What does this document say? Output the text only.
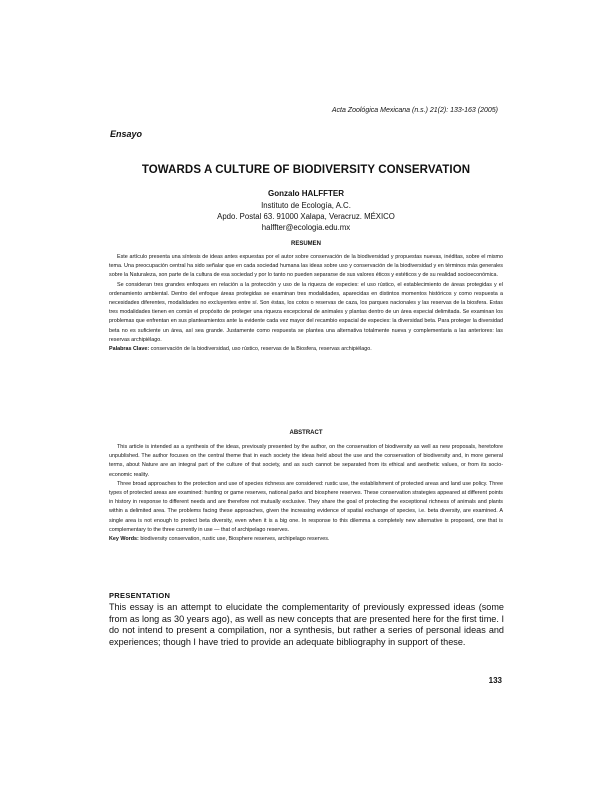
Acta Zoológica Mexicana (n.s.) 21(2): 133-163 (2005)
Ensayo
TOWARDS A CULTURE OF BIODIVERSITY CONSERVATION
Gonzalo HALFFTER
Instituto de Ecología, A.C.
Apdo. Postal 63. 91000 Xalapa, Veracruz. MÉXICO
halffter@ecologia.edu.mx
RESUMEN

Este artículo presenta una síntesis de ideas antes expuestas por el autor sobre conservación de la biodiversidad y propuestas nuevas, inéditas, sobre el mismo tema. Una preocupación central ha sido señalar que en cada sociedad humana las ideas sobre uso y conservación de la biodiversidad y en términos más generales sobre la Naturaleza, son parte de la cultura de esa sociedad y por lo tanto no pueden separarse de sus valores éticos y estéticos y de su realidad socioeconómica.

Se consideran tres grandes enfoques en relación a la protección y uso de la riqueza de especies: el uso rústico, el establecimiento de áreas protegidas y el ordenamiento ambiental. Dentro del enfoque áreas protegidas se examinan tres modalidades, aparecidas en distintos momentos históricos y como respuesta a necesidades diferentes, modalidades no excluyentes entre sí. Son éstas, los cotos o reservas de caza, los parques nacionales y las reservas de la biosfera. Estas tres modalidades tienen en común el propósito de proteger una riqueza excepcional de animales y plantas dentro de un área especial delimitada. Se examinan los problemas que enfrentan en sus planteamientos ante la evidente cada vez mayor del recambio espacial de especies: la diversidad beta. Para proteger la diversidad beta no es suficiente un área, así sea grande. Justamente como respuesta se plantea una alternativa totalmente nueva y complementaria a las anteriores: las reservas archipiélago.

Palabras Clave: conservación de la biodiversidad, uso rústico, reservas de la Biosfera, reservas archipiélago.

ABSTRACT

This article is intended as a synthesis of the ideas, previously presented by the author, on the conservation of biodiversity as well as new proposals, heretofore unpublished. The author focuses on the central theme that in each society the ideas held about the use and the conservation of biodiversity and, in more general terms, about Nature are an integral part of the culture of that society, and as such cannot be separated from its ethical and aesthetic values, or from its socio-economic reality.

Three broad approaches to the protection and use of species richness are considered: rustic use, the establishment of protected areas and land use policy. Three types of protected areas are examined: hunting or game reserves, national parks and biosphere reserves. These conservation strategies appeared at different points in history in response to different needs and are therefore not mutually exclusive. They share the goal of protecting the exceptional richness of animals and plants within a delimited area. The problems facing these approaches, given the increasing evidence of spatial exchange of species, i.e. beta diversity, are examined. A single area is not enough to protect beta diversity, even when it is a big one. In response to this dilemma a completely new alternative is proposed, one that is complementary to the three currently in use — that of archipelago reserves.

Key Words: biodiversity conservation, rustic use, Biosphere reserves, archipelago reserves.

PRESENTATION

This essay is an attempt to elucidate the complementarity of previously expressed ideas (some from as long as 30 years ago), as well as new concepts that are presented here for the first time. I do not intend to present a compilation, nor a synthesis, but rather a series of personal ideas and experiences; though I have tried to provide an adequate bibliography in support of these.

133
